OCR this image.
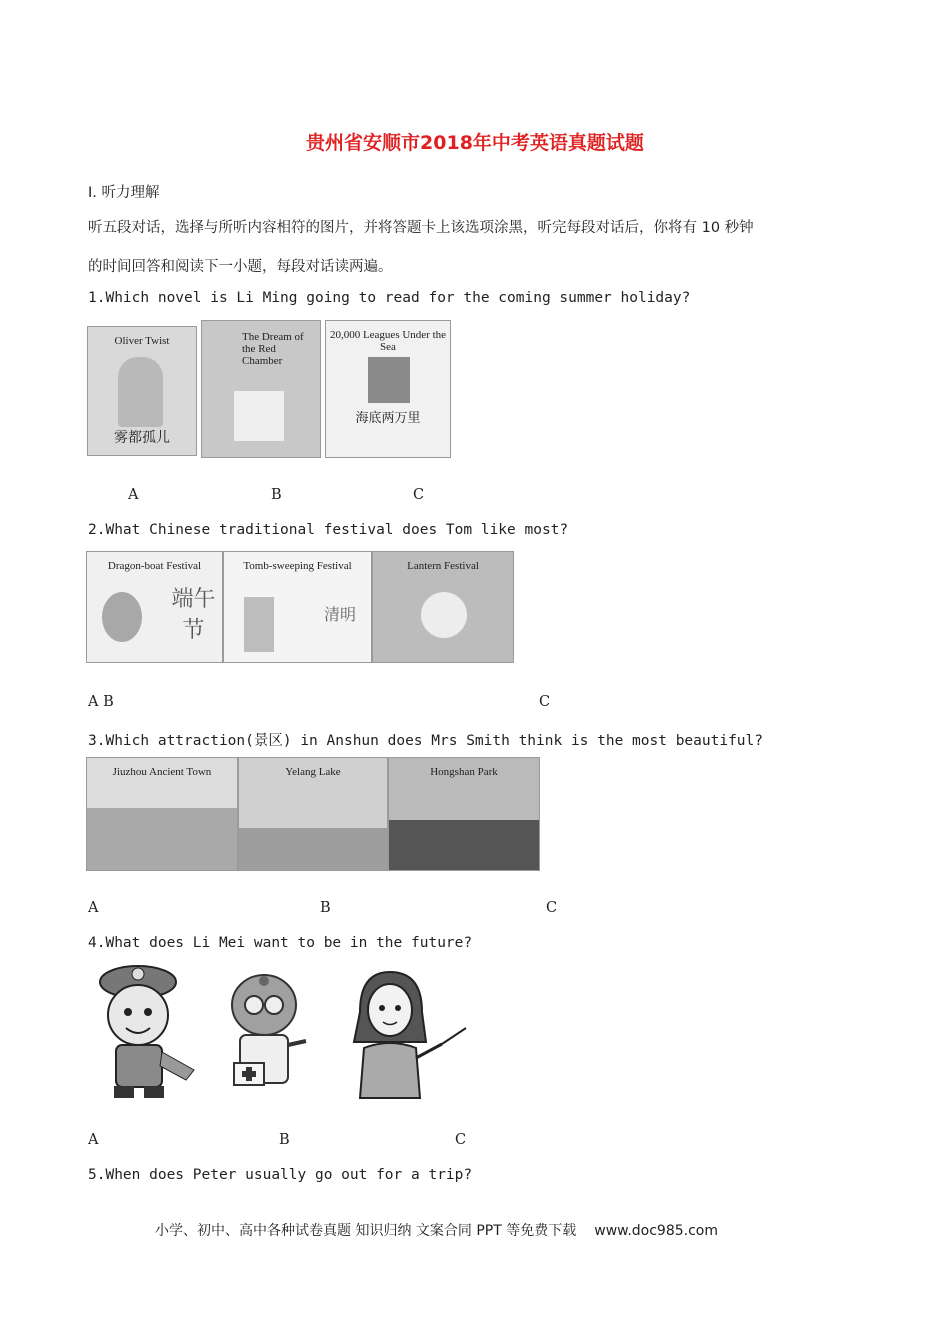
贵州省安顺市2018年中考英语真题试题
Ⅰ. 听力理解
听五段对话，选择与所听内容相符的图片，并将答题卡上该选项涂黑，听完每段对话后，你将有 10 秒钟
的时间回答和阅读下一小题，每段对话读两遍。
1.Which novel is Li Ming going to read for the coming summer holiday?
Oliver Twist
雾都孤儿
The Dream of the Red Chamber
20,000 Leagues Under the Sea
海底两万里
A	B	C
2.What Chinese traditional festival does Tom like most?
Dragon-boat Festival
端午节
Tomb-sweeping Festival
清明
Lantern Festival
A B	C
3.Which attraction(景区) in Anshun does Mrs Smith think is the most beautiful?
Jiuzhou Ancient Town	Yelang Lake	Hongshan Park
A	B	C
4.What does Li Mei want to be in the future?
A	B	C
5.When does Peter usually go out for a trip?
小学、初中、高中各种试卷真题 知识归纳 文案合同 PPT 等免费下载 www.doc985.com
